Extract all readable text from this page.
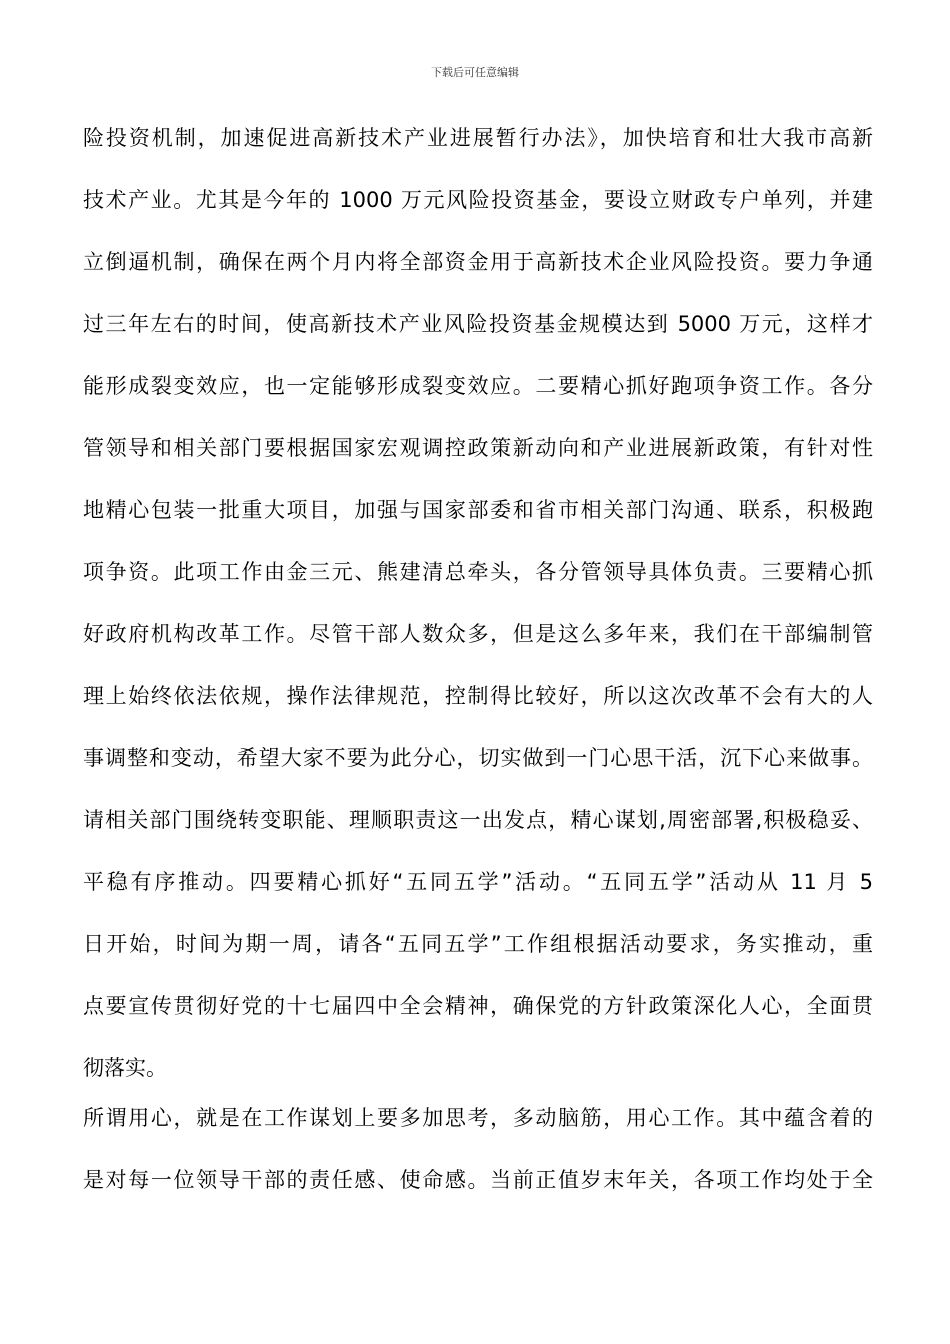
下载后可任意编辑
险投资机制，加速促进高新技术产业进展暂行办法》，加快培育和壮大我市高新
技术产业。尤其是今年的 1000 万元风险投资基金，要设立财政专户单列，并建
立倒逼机制，确保在两个月内将全部资金用于高新技术企业风险投资。要力争通
过三年左右的时间，使高新技术产业风险投资基金规模达到 5000 万元，这样才
能形成裂变效应，也一定能够形成裂变效应。二要精心抓好跑项争资工作。各分
管领导和相关部门要根据国家宏观调控政策新动向和产业进展新政策，有针对性
地精心包装一批重大项目，加强与国家部委和省市相关部门沟通、联系，积极跑
项争资。此项工作由金三元、熊建清总牵头，各分管领导具体负责。三要精心抓
好政府机构改革工作。尽管干部人数众多，但是这么多年来，我们在干部编制管
理上始终依法依规，操作法律规范，控制得比较好，所以这次改革不会有大的人
事调整和变动，希望大家不要为此分心，切实做到一门心思干活，沉下心来做事。
请相关部门围绕转变职能、理顺职责这一出发点，精心谋划,周密部署,积极稳妥、
平稳有序推动。四要精心抓好“五同五学”活动。“五同五学”活动从 11 月 5
日开始，时间为期一周，请各“五同五学”工作组根据活动要求，务实推动，重
点要宣传贯彻好党的十七届四中全会精神，确保党的方针政策深化人心，全面贯
彻落实。
所谓用心，就是在工作谋划上要多加思考，多动脑筋，用心工作。其中蕴含着的
是对每一位领导干部的责任感、使命感。当前正值岁末年关，各项工作均处于全
